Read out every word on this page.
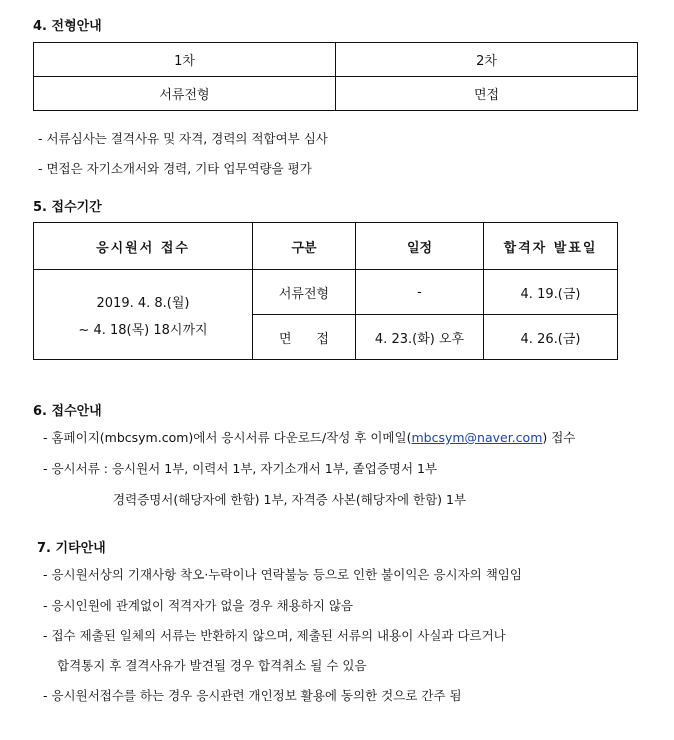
4. 전형안내
1차	2차
서류전형	면접
- 서류심사는 결격사유 및 자격, 경력의 적합여부 심사
- 면접은 자기소개서와 경력, 기타 업무역량을 평가
5. 접수기간
응시원서 접수	구분	일정	합격자 발표일

2019. 4. 8.(월)
~ 4. 18(목) 18시까지	서류전형	-	4. 19.(금)
	면      접	4. 23.(화) 오후	4. 26.(금)
6. 접수안내
- 홈페이지(mbcsym.com)에서 응시서류 다운로드/작성 후 이메일(mbcsym@naver.com) 접수
- 응시서류 : 응시원서 1부, 이력서 1부, 자기소개서 1부, 졸업증명서 1부
경력증명서(해당자에 한함) 1부, 자격증 사본(해당자에 한함) 1부
7. 기타안내
- 응시원서상의 기재사항 착오·누락이나 연락불능 등으로 인한 불이익은 응시자의 책임임
- 응시인원에 관계없이 적격자가 없을 경우 채용하지 않음
- 접수 제출된 일체의 서류는 반환하지 않으며, 제출된 서류의 내용이 사실과 다르거나
합격통지 후 결격사유가 발견될 경우 합격취소 될 수 있음
- 응시원서접수를 하는 경우 응시관련 개인정보 활용에 동의한 것으로 간주 됨
